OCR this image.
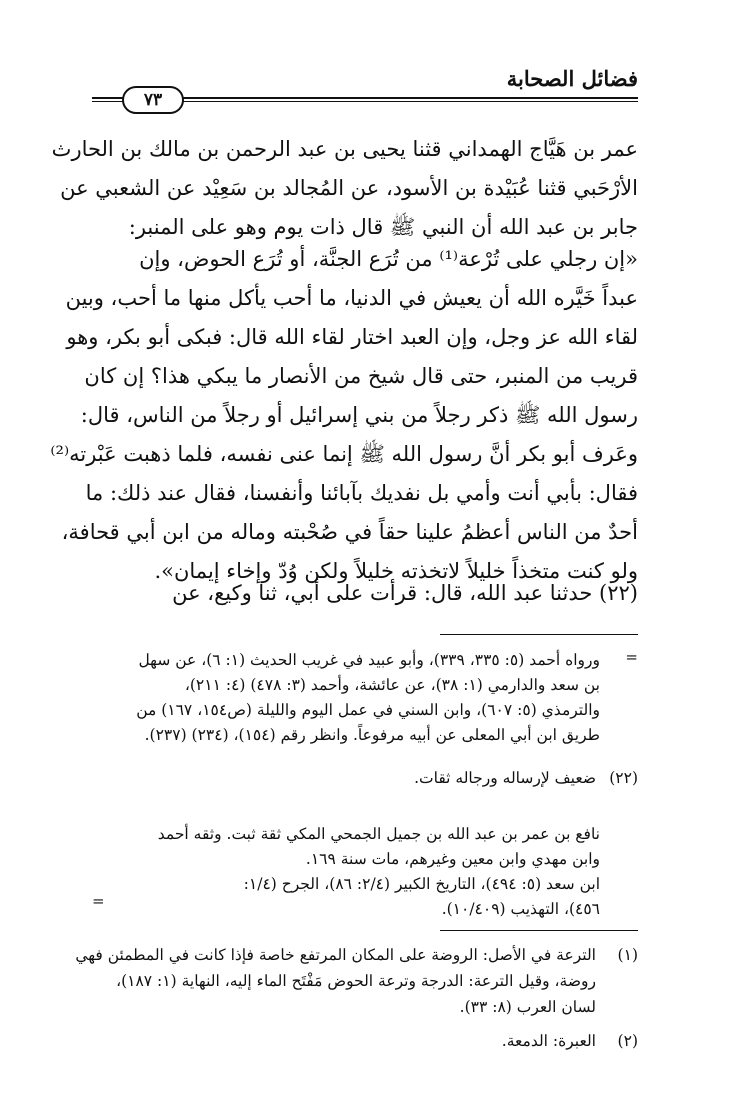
فضائل الصحابة
٧٣
عمر بن هَيَّاج الهمداني قثنا يحيى بن عبد الرحمن بن مالك بن الحارث
الأرْحَبي قثنا عُبَيْدة بن الأسود، عن المُجالد بن سَعِيْد عن الشعبي عن
جابر بن عبد الله أن النبي ﷺ قال ذات يوم وهو على المنبر:
«إن رجلي على تُرْعة⁽¹⁾ من تُرَع الجنَّة، أو تُرَع الحوض، وإن
عبداً خَيَّره الله أن يعيش في الدنيا، ما أحب يأكل منها ما أحب، وبين
لقاء الله عز وجل، وإن العبد اختار لقاء الله قال: فبكى أبو بكر، وهو
قريب من المنبر، حتى قال شيخ من الأنصار ما يبكي هذا؟ إن كان
رسول الله ﷺ ذكر رجلاً من بني إسرائيل أو رجلاً من الناس، قال:
وعَرف أبو بكر أنَّ رسول الله ﷺ إنما عنى نفسه، فلما ذهبت عَبْرته⁽²⁾
فقال: بأبي أنت وأمي بل نفديك بآبائنا وأنفسنا، فقال عند ذلك: ما
أحدٌ من الناس أعظمُ علينا حقاً في صُحْبته وماله من ابن أبي قحافة،
ولو كنت متخذاً خليلاً لاتخذته خليلاً ولكن وُدّ وإخاء إيمان».
(٢٢) حدثنا عبد الله، قال: قرأت على أبي، ثنا وكيع، عن
=
ورواه أحمد (٥: ٣٣٥، ٣٣٩)، وأبو عبيد في غريب الحديث (١: ٦)، عن سهل
بن سعد والدارمي (١: ٣٨)، عن عائشة، وأحمد (٣: ٤٧٨) (٤: ٢١١)،
والترمذي (٥: ٦٠٧)، وابن السني في عمل اليوم والليلة (ص١٥٤، ١٦٧) من
طريق ابن أبي المعلى عن أبيه مرفوعاً. وانظر رقم (١٥٤)، (٢٣٤) (٢٣٧).
(٢٢)
ضعيف لإرساله ورجاله ثقات.
نافع بن عمر بن عبد الله بن جميل الجمحي المكي ثقة ثبت. وثقه أحمد
وابن مهدي وابن معين وغيرهم، مات سنة ١٦٩.
ابن سعد (٥: ٤٩٤)، التاريخ الكبير (٢/٤: ٨٦)، الجرح (١/٤:
٤٥٦)، التهذيب (١٠/٤٠٩).
=
(١)
الترعة في الأصل: الروضة على المكان المرتفع خاصة فإذا كانت في المطمئن فهي
روضة، وقيل الترعة: الدرجة وترعة الحوض مَفْتَح الماء إليه، النهاية (١: ١٨٧)،
لسان العرب (٨: ٣٣).
(٢)
العبرة: الدمعة.
